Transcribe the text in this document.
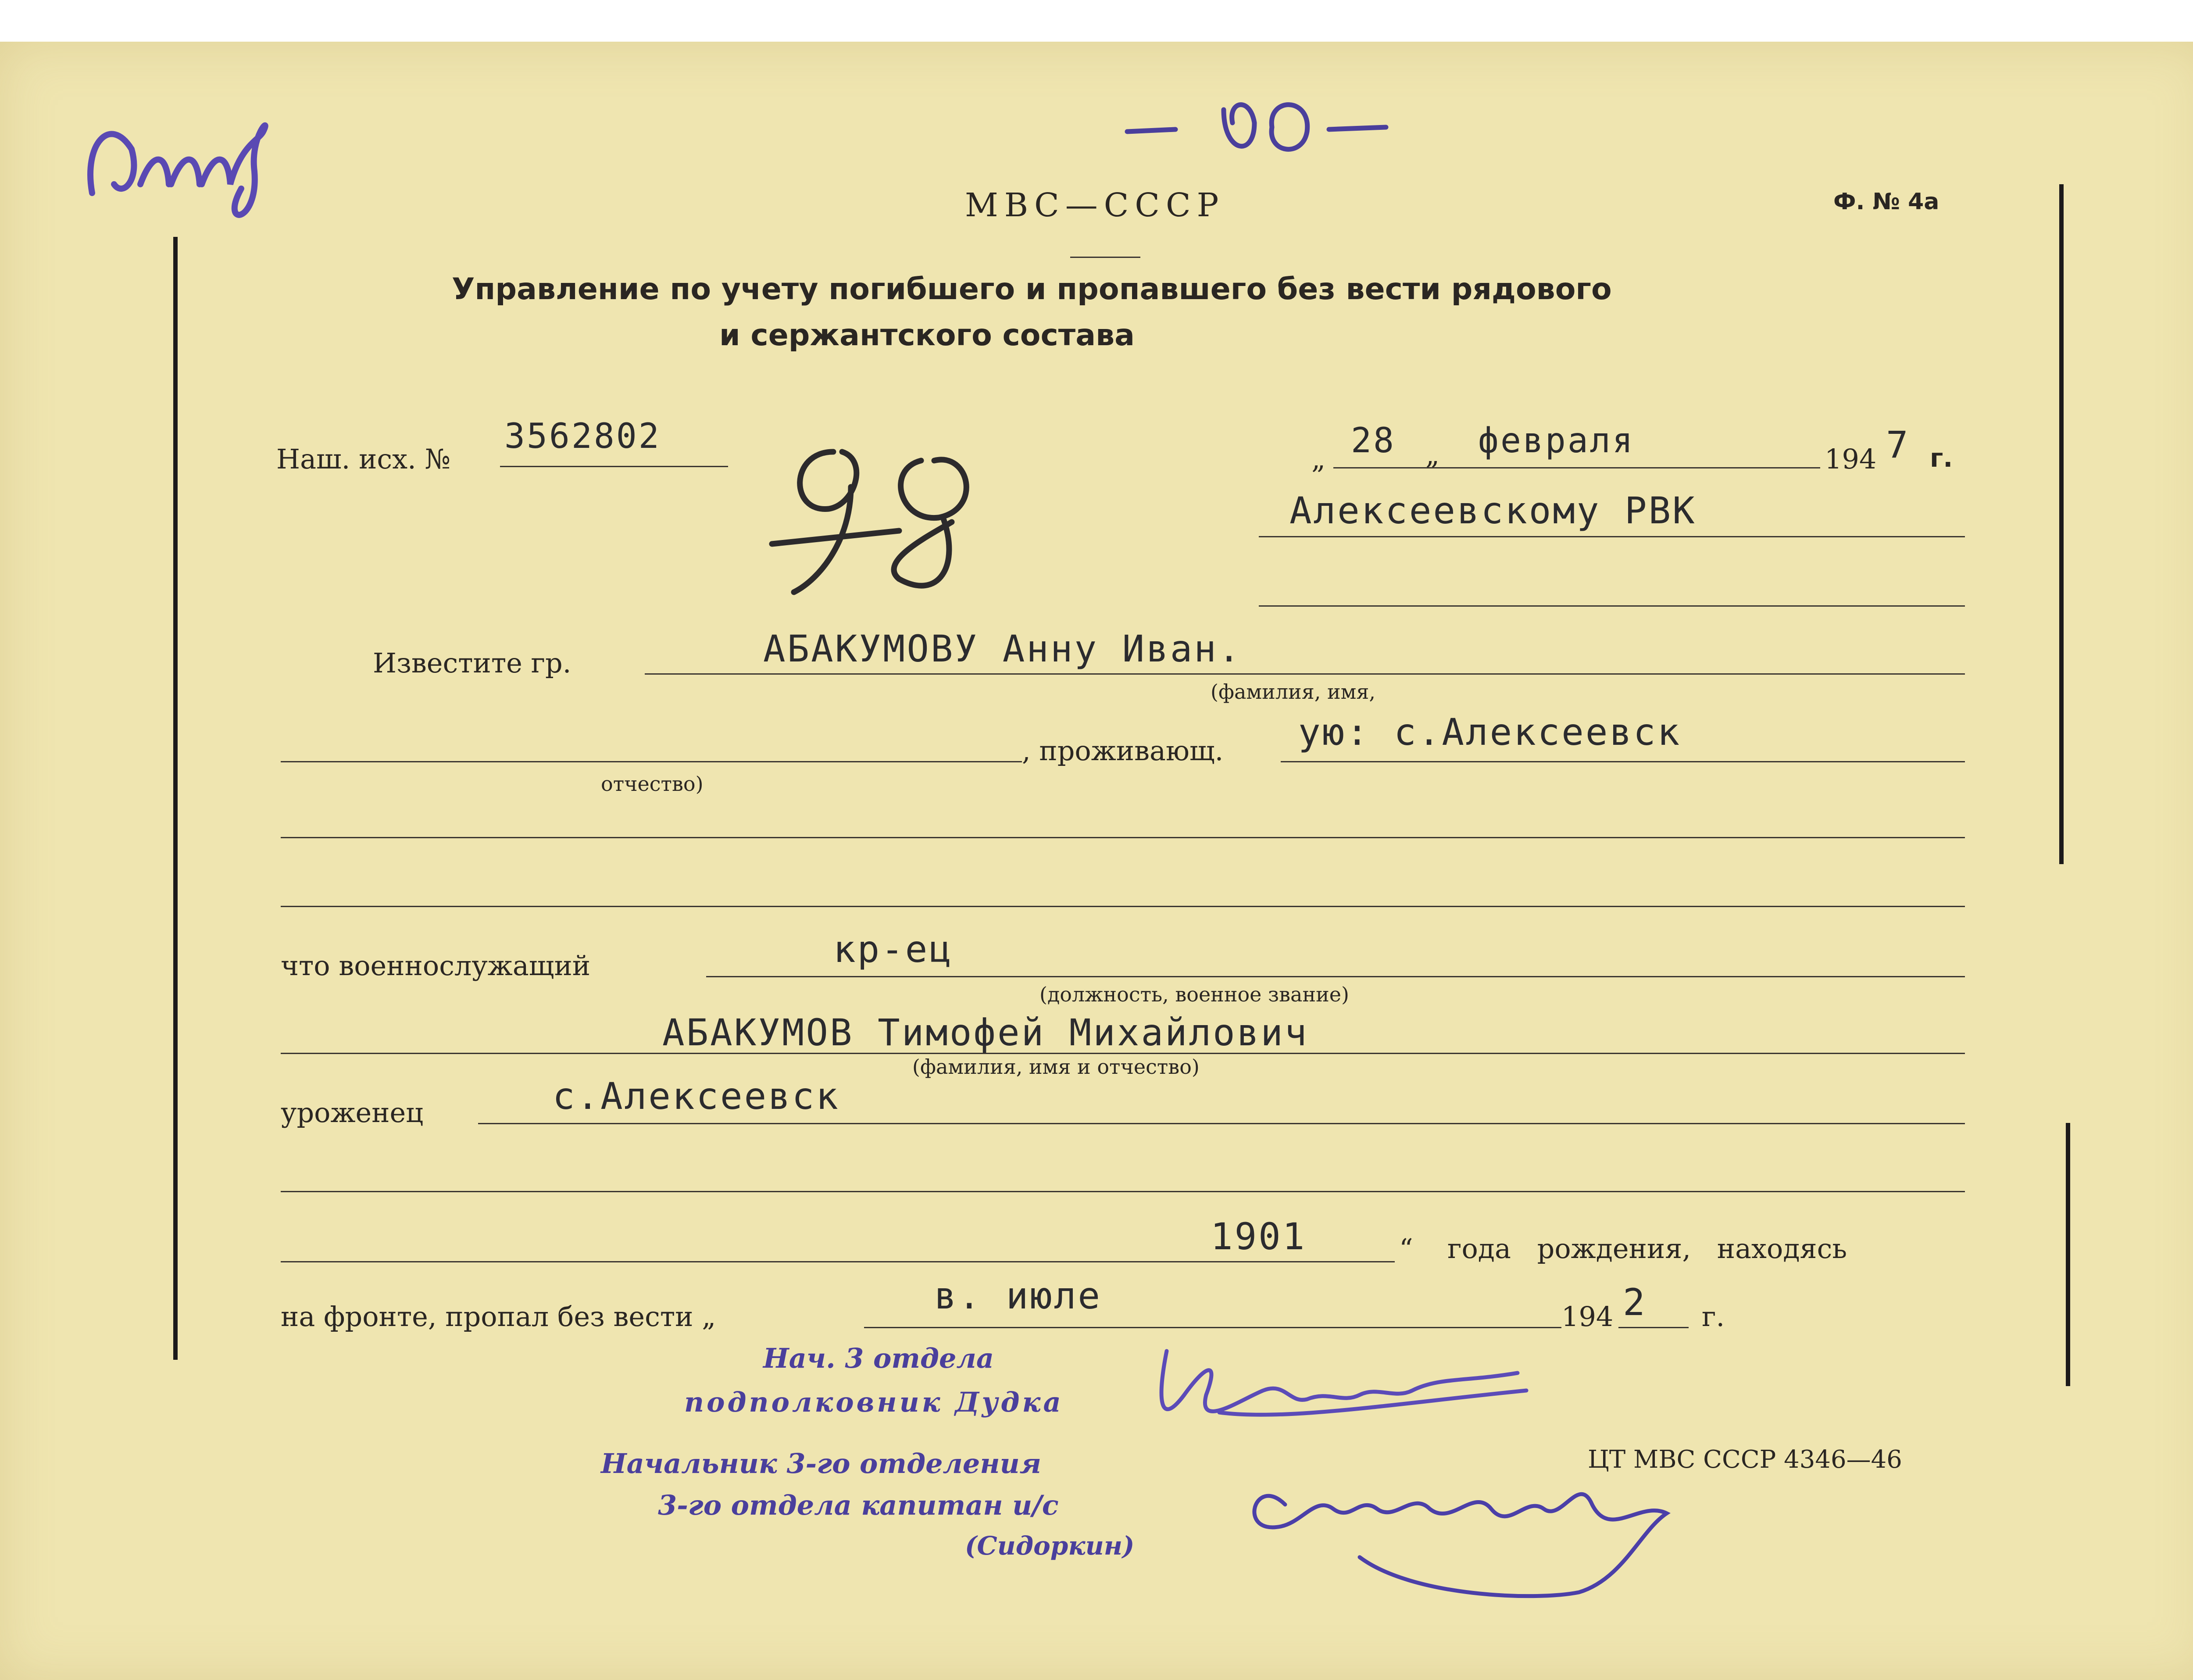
МВС—СССР	Ф. № 4а
Управление по учету погибшего и пропавшего без вести рядового
и сержантского состава
Наш. исх. №
3562802
„ 28 „ февраля	194 7 г.
Алексеевскому РВК
Известите гр.	АБАКУМОВУ Анну Иван.
(фамилия, имя,
, проживающ. ую: с.Алексеевск
отчество)
что военнослужащий	кр-ец
(должность, военное звание)
АБАКУМОВ Тимофей Михайлович
(фамилия, имя и отчество)
уроженец	с.Алексеевск
1901	“ года рождения, находясь
на фронте, пропал без вести „	в. июле	194 2 г.
Нач. 3 отдела
подполковник Дудка
Начальник 3-го отделения
3-го отдела капитан и/с
(Сидоркин)
ЦТ МВС СССР 4346—46
